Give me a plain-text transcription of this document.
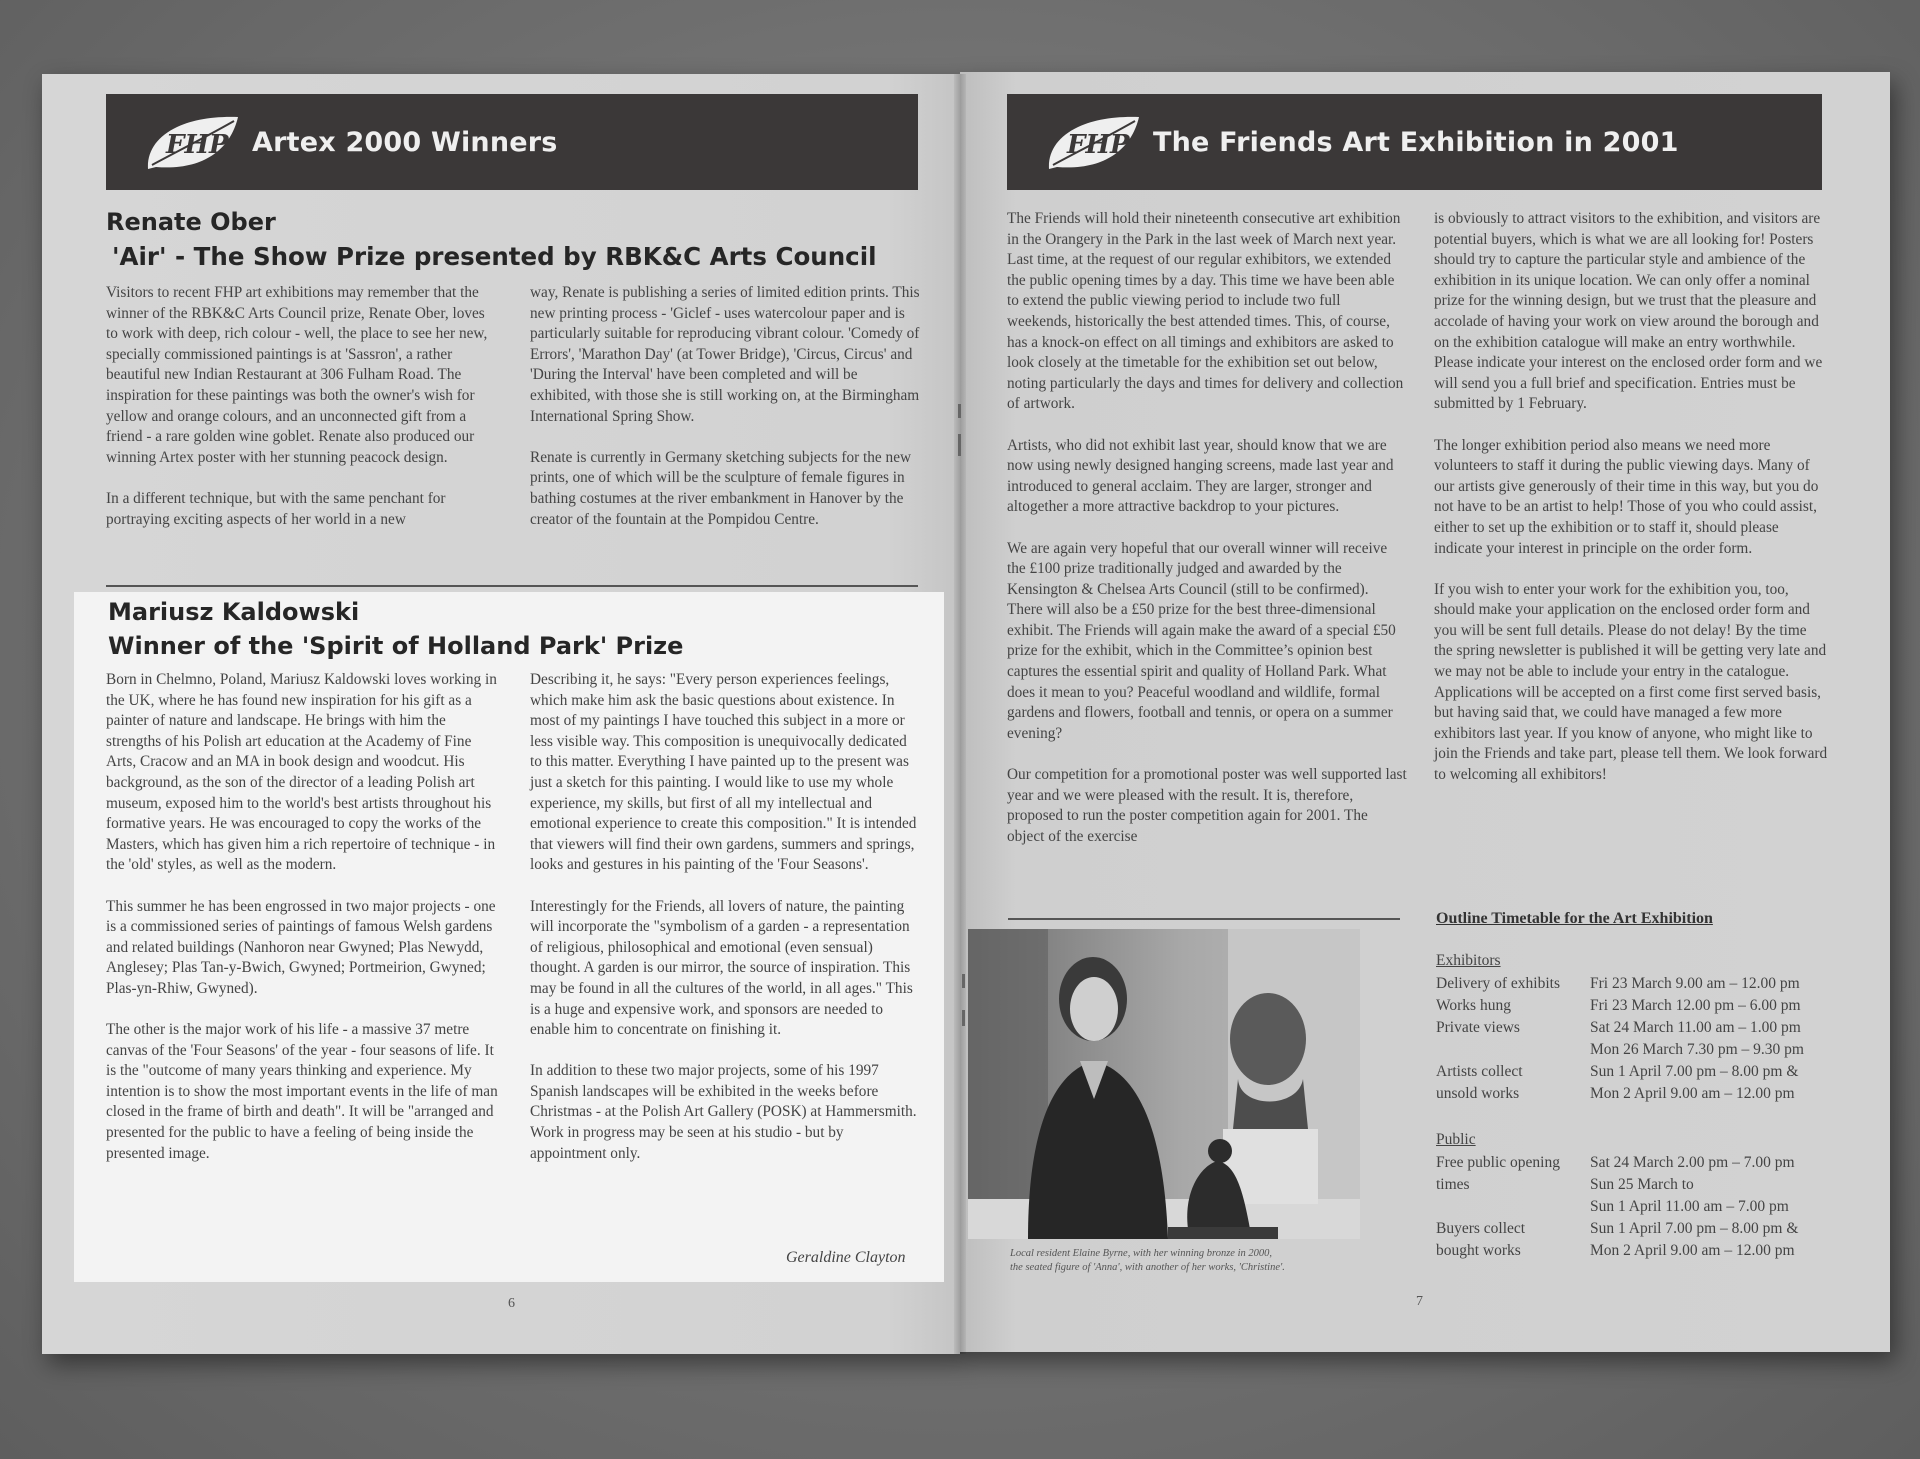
FHP Artex 2000 Winners	FHP The Friends Art Exhibition in 2001
Renate Ober
'Air' - The Show Prize presented by RBK&C Arts Council

Visitors to recent FHP art exhibitions may remember that the winner of the RBK&C Arts Council prize, Renate Ober, loves to work with deep, rich colour - well, the place to see her new, specially commissioned paintings is at 'Sassron', a rather beautiful new Indian Restaurant at 306 Fulham Road. The inspiration for these paintings was both the owner's wish for yellow and orange colours, and an unconnected gift from a friend - a rare golden wine goblet. Renate also produced our winning Artex poster with her stunning peacock design.

In a different technique, but with the same penchant for portraying exciting aspects of her world in a new

way, Renate is publishing a series of limited edition prints. This new printing process - 'Giclef - uses watercolour paper and is particularly suitable for reproducing vibrant colour. 'Comedy of Errors', 'Marathon Day' (at Tower Bridge), 'Circus, Circus' and 'During the Interval' have been completed and will be exhibited, with those she is still working on, at the Birmingham International Spring Show.

Renate is currently in Germany sketching subjects for the new prints, one of which will be the sculpture of female figures in bathing costumes at the river embankment in Hanover by the creator of the fountain at the Pompidou Centre.

Mariusz Kaldowski
Winner of the 'Spirit of Holland Park' Prize

Born in Chelmno, Poland, Mariusz Kaldowski loves working in the UK, where he has found new inspiration for his gift as a painter of nature and landscape. He brings with him the strengths of his Polish art education at the Academy of Fine Arts, Cracow and an MA in book design and woodcut. His background, as the son of the director of a leading Polish art museum, exposed him to the world's best artists throughout his formative years. He was encouraged to copy the works of the Masters, which has given him a rich repertoire of technique - in the 'old' styles, as well as the modern.

This summer he has been engrossed in two major projects - one is a commissioned series of paintings of famous Welsh gardens and related buildings (Nanhoron near Gwyned; Plas Newydd, Anglesey; Plas Tan-y-Bwich, Gwyned; Portmeirion, Gwyned; Plas-yn-Rhiw, Gwyned).

The other is the major work of his life - a massive 37 metre canvas of the 'Four Seasons' of the year - four seasons of life. It is the "outcome of many years thinking and experience. My intention is to show the most important events in the life of man closed in the frame of birth and death". It will be "arranged and presented for the public to have a feeling of being inside the presented image.

Describing it, he says: "Every person experiences feelings, which make him ask the basic questions about existence. In most of my paintings I have touched this subject in a more or less visible way. This composition is unequivocally dedicated to this matter. Everything I have painted up to the present was just a sketch for this painting. I would like to use my whole experience, my skills, but first of all my intellectual and emotional experience to create this composition." It is intended that viewers will find their own gardens, summers and springs, looks and gestures in his painting of the 'Four Seasons'.

Interestingly for the Friends, all lovers of nature, the painting will incorporate the "symbolism of a garden - a representation of religious, philosophical and emotional (even sensual) thought. A garden is our mirror, the source of inspiration. This may be found in all the cultures of the world, in all ages." This is a huge and expensive work, and sponsors are needed to enable him to concentrate on finishing it.

In addition to these two major projects, some of his 1997 Spanish landscapes will be exhibited in the weeks before Christmas - at the Polish Art Gallery (POSK) at Hammersmith. Work in progress may be seen at his studio - but by appointment only.

Geraldine Clayton
6

The Friends will hold their nineteenth consecutive art exhibition in the Orangery in the Park in the last week of March next year. Last time, at the request of our regular exhibitors, we extended the public opening times by a day. This time we have been able to extend the public viewing period to include two full weekends, historically the best attended times. This, of course, has a knock-on effect on all timings and exhibitors are asked to look closely at the timetable for the exhibition set out below, noting particularly the days and times for delivery and collection of artwork.

Artists, who did not exhibit last year, should know that we are now using newly designed hanging screens, made last year and introduced to general acclaim. They are larger, stronger and altogether a more attractive backdrop to your pictures.

We are again very hopeful that our overall winner will receive the £100 prize traditionally judged and awarded by the Kensington & Chelsea Arts Council (still to be confirmed). There will also be a £50 prize for the best three-dimensional exhibit. The Friends will again make the award of a special £50 prize for the exhibit, which in the Committee’s opinion best captures the essential spirit and quality of Holland Park. What does it mean to you? Peaceful woodland and wildlife, formal gardens and flowers, football and tennis, or opera on a summer evening?

Our competition for a promotional poster was well supported last year and we were pleased with the result. It is, therefore, proposed to run the poster competition again for 2001. The object of the exercise

Local resident Elaine Byrne, with her winning bronze in 2000,
the seated figure of 'Anna', with another of her works, 'Christine'.

is obviously to attract visitors to the exhibition, and visitors are potential buyers, which is what we are all looking for! Posters should try to capture the particular style and ambience of the exhibition in its unique location. We can only offer a nominal prize for the winning design, but we trust that the pleasure and accolade of having your work on view around the borough and on the exhibition catalogue will make an entry worthwhile. Please indicate your interest on the enclosed order form and we will send you a full brief and specification. Entries must be submitted by 1 February.

The longer exhibition period also means we need more volunteers to staff it during the public viewing days. Many of our artists give generously of their time in this way, but you do not have to be an artist to help! Those of you who could assist, either to set up the exhibition or to staff it, should please indicate your interest in principle on the order form.

If you wish to enter your work for the exhibition you, too, should make your application on the enclosed order form and you will be sent full details. Please do not delay! By the time the spring newsletter is published it will be getting very late and we may not be able to include your entry in the catalogue. Applications will be accepted on a first come first served basis, but having said that, we could have managed a few more exhibitors last year. If you know of anyone, who might like to join the Friends and take part, please tell them. We look forward to welcoming all exhibitors!

Outline Timetable for the Art Exhibition
Exhibitors
Delivery of exhibits	Fri 23 March 9.00 am – 12.00 pm
Works hung	Fri 23 March 12.00 pm – 6.00 pm
Private views	Sat 24 March 11.00 am – 1.00 pm
Mon 26 March 7.30 pm – 9.30 pm
Artists collect	Sun 1 April 7.00 pm – 8.00 pm &
unsold works	Mon 2 April 9.00 am – 12.00 pm
Public
Free public opening	Sat 24 March 2.00 pm – 7.00 pm
times	Sun 25 March to
Sun 1 April 11.00 am – 7.00 pm
Buyers collect	Sun 1 April 7.00 pm – 8.00 pm &
bought works	Mon 2 April 9.00 am – 12.00 pm
7
